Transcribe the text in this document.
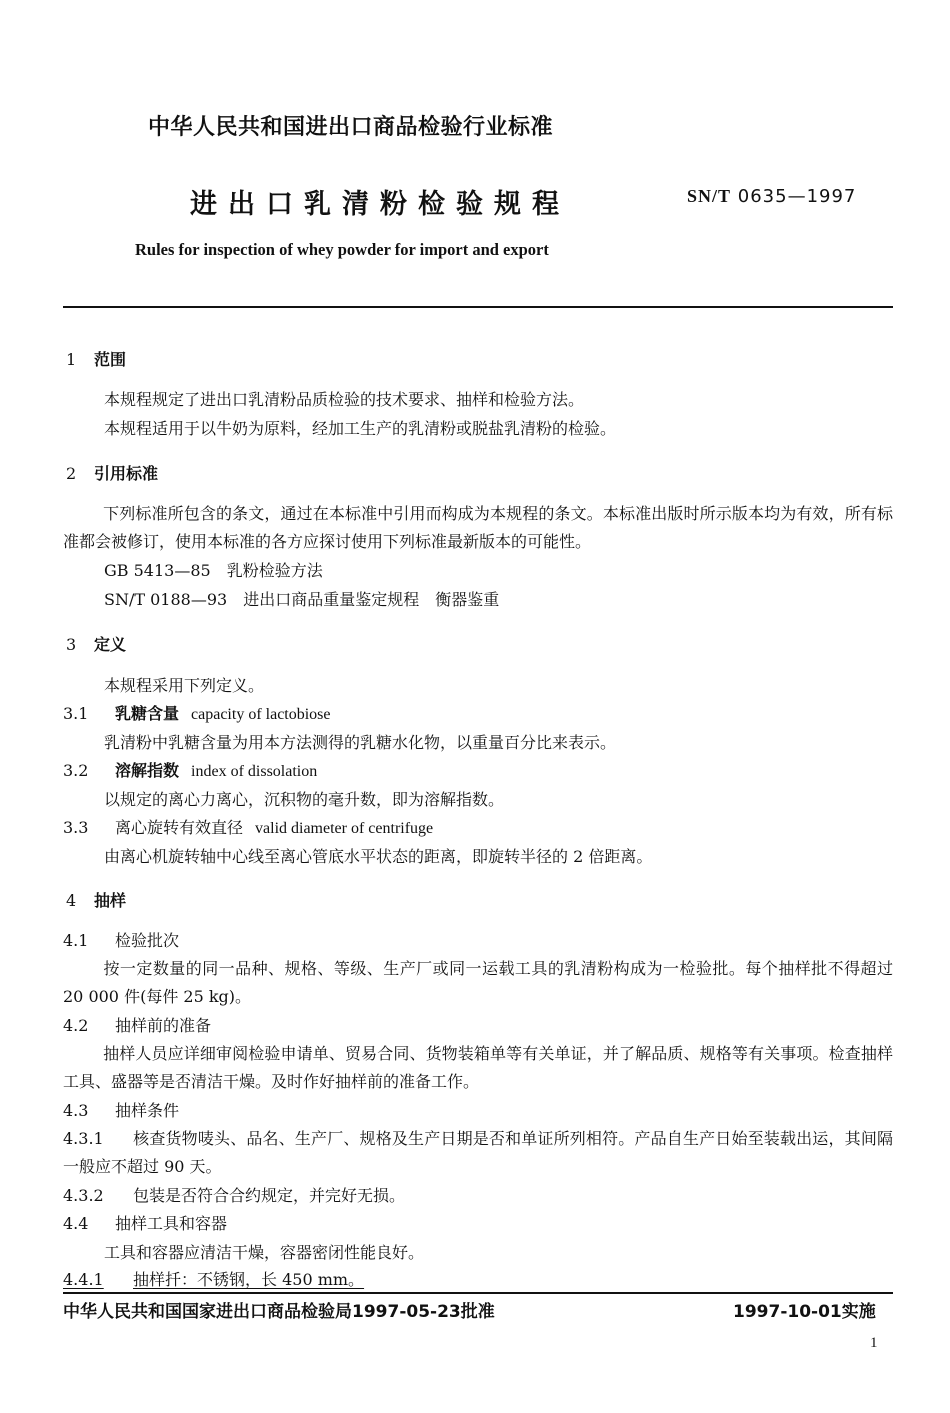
中华人民共和国进出口商品检验行业标准
进出口乳清粉检验规程	SN/T 0635—1997
Rules for inspection of whey powder for import and export
1 范围
本规程规定了进出口乳清粉品质检验的技术要求、抽样和检验方法。
本规程适用于以牛奶为原料，经加工生产的乳清粉或脱盐乳清粉的检验。
2 引用标准
下列标准所包含的条文，通过在本标准中引用而构成为本规程的条文。本标准出版时所示版本均为有效，所有标准都会被修订，使用本标准的各方应探讨使用下列标准最新版本的可能性。
GB 5413—85　乳粉检验方法
SN/T 0188—93　进出口商品重量鉴定规程　衡器鉴重
3 定义
本规程采用下列定义。
3.1 乳糖含量 capacity of lactobiose
乳清粉中乳糖含量为用本方法测得的乳糖水化物，以重量百分比来表示。
3.2 溶解指数 index of dissolation
以规定的离心力离心，沉积物的毫升数，即为溶解指数。
3.3 离心旋转有效直径 valid diameter of centrifuge
由离心机旋转轴中心线至离心管底水平状态的距离，即旋转半径的 2 倍距离。
4 抽样
4.1 检验批次
按一定数量的同一品种、规格、等级、生产厂或同一运载工具的乳清粉构成为一检验批。每个抽样批不得超过 20 000 件(每件 25 kg)。
4.2 抽样前的准备
抽样人员应详细审阅检验申请单、贸易合同、货物装箱单等有关单证，并了解品质、规格等有关事项。检查抽样工具、盛器等是否清洁干燥。及时作好抽样前的准备工作。
4.3 抽样条件
4.3.1 核查货物唛头、品名、生产厂、规格及生产日期是否和单证所列相符。产品自生产日始至装载出运，其间隔一般应不超过 90 天。
4.3.2 包装是否符合合约规定，并完好无损。
4.4 抽样工具和容器
工具和容器应清洁干燥，容器密闭性能良好。
4.4.1 抽样扦：不锈钢，长 450 mm。
中华人民共和国国家进出口商品检验局1997-05-23批准	1997-10-01实施
1
